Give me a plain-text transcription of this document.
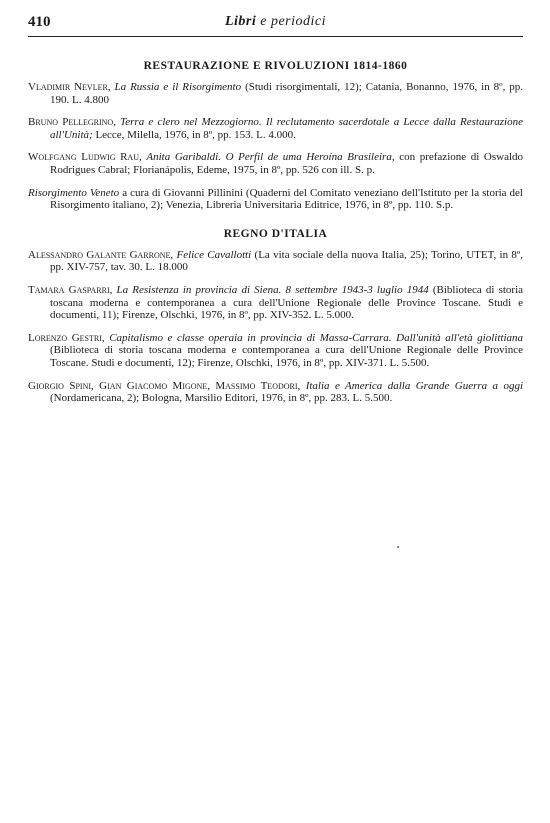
410	Libri e periodici
RESTAURAZIONE E RIVOLUZIONI 1814-1860

Vladimir Nevler, La Russia e il Risorgimento (Studi risorgimentali, 12); Catania, Bonanno, 1976, in 8º, pp. 190. L. 4.800

Bruno Pellegrino, Terra e clero nel Mezzogiorno. Il reclutamento sacerdotale a Lecce dalla Restaurazione all'Unità; Lecce, Milella, 1976, in 8º, pp. 153. L. 4.000.

Wolfgang Ludwig Rau, Anita Garibaldi. O Perfil de uma Heroína Brasileira, con prefazione di Oswaldo Rodrigues Cabral; Florianápolis, Edeme, 1975, in 8º, pp. 526 con ill. S. p.

Risorgimento Veneto a cura di Giovanni Pillinini (Quaderni del Comitato veneziano dell'Istituto per la storia del Risorgimento italiano, 2); Venezia, Libreria Universitaria Editrice, 1976, in 8º, pp. 110. S.p.

REGNO D'ITALIA

Alessandro Galante Garrone, Felice Cavallotti (La vita sociale della nuova Italia, 25); Torino, UTET, in 8º, pp. XIV-757, tav. 30. L. 18.000

Tamara Gasparri, La Resistenza in provincia di Siena. 8 settembre 1943-3 luglio 1944 (Biblioteca di storia toscana moderna e contemporanea a cura dell'Unione Regionale delle Province Toscane. Studi e documenti, 11); Firenze, Olschki, 1976, in 8º, pp. XIV-352. L. 5.000.

Lorenzo Gestri, Capitalismo e classe operaia in provincia di Massa-Carrara. Dall'unità all'età giolittiana (Biblioteca di storia toscana moderna e contemporanea a cura dell'Unione Regionale delle Province Toscane. Studi e documenti, 12); Firenze, Olschki, 1976, in 8º, pp. XIV-371. L. 5.500.

Giorgio Spini, Gian Giacomo Migone, Massimo Teodori, Italia e America dalla Grande Guerra a oggi (Nordamericana, 2); Bologna, Marsilio Editori, 1976, in 8º, pp. 283. L. 5.500.
